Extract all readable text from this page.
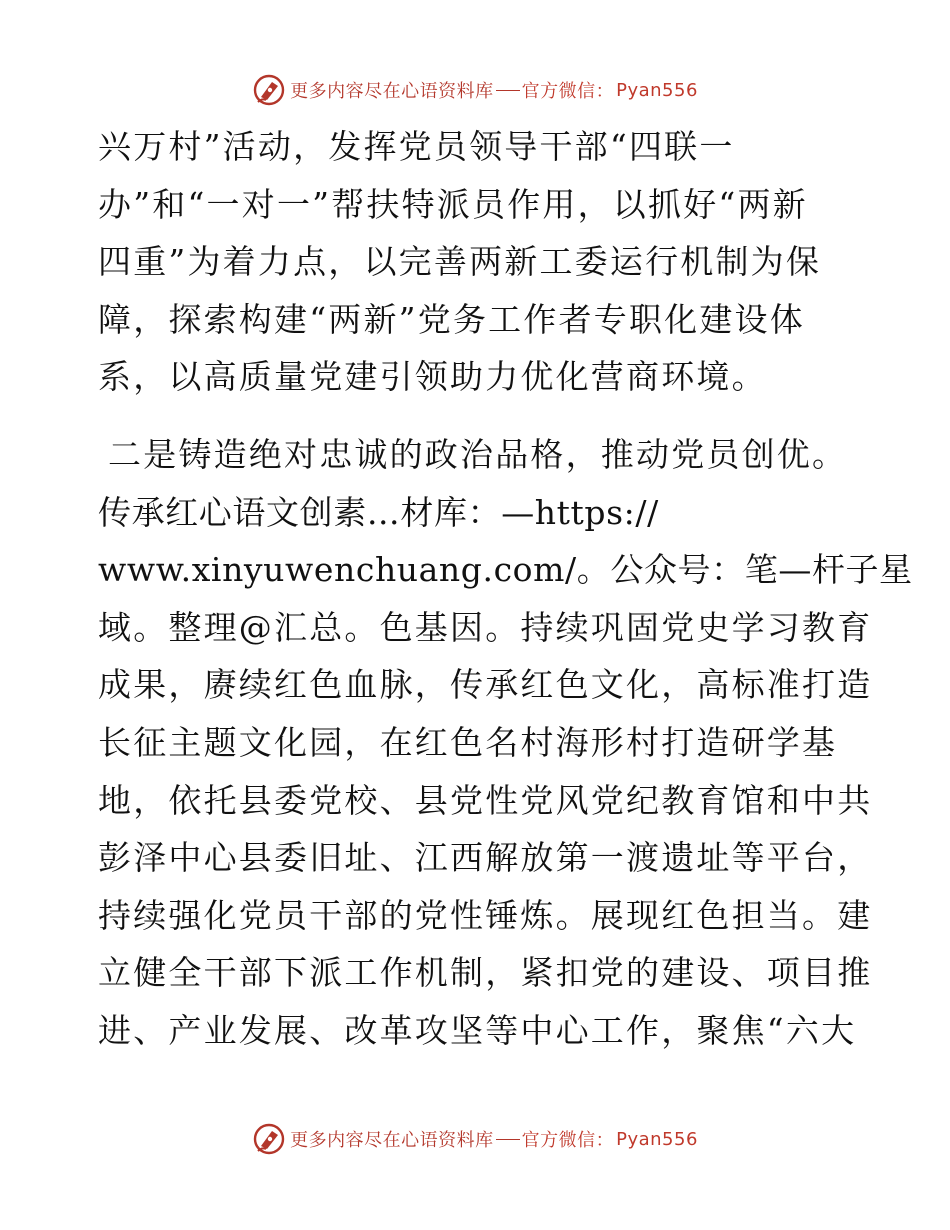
更多内容尽在心语资料库 官方微信： Pyan556
兴万村”活动，发挥党员领导干部“四联一
办”和“一对一”帮扶特派员作用，以抓好“两新
四重”为着力点，以完善两新工委运行机制为保
障，探索构建“两新”党务工作者专职化建设体
系，以高质量党建引领助力优化营商环境。
二是铸造绝对忠诚的政治品格，推动党员创优。
传承红心语文创素…材库：—https://
www.xinyuwenchuang.com/。公众号：笔—杆子星
域。整理@汇总。色基因。持续巩固党史学习教育
成果，赓续红色血脉，传承红色文化，高标准打造
长征主题文化园，在红色名村海形村打造研学基
地，依托县委党校、县党性党风党纪教育馆和中共
彭泽中心县委旧址、江西解放第一渡遗址等平台，
持续强化党员干部的党性锤炼。展现红色担当。建
立健全干部下派工作机制，紧扣党的建设、项目推
进、产业发展、改革攻坚等中心工作，聚焦“六大
更多内容尽在心语资料库 官方微信： Pyan556
